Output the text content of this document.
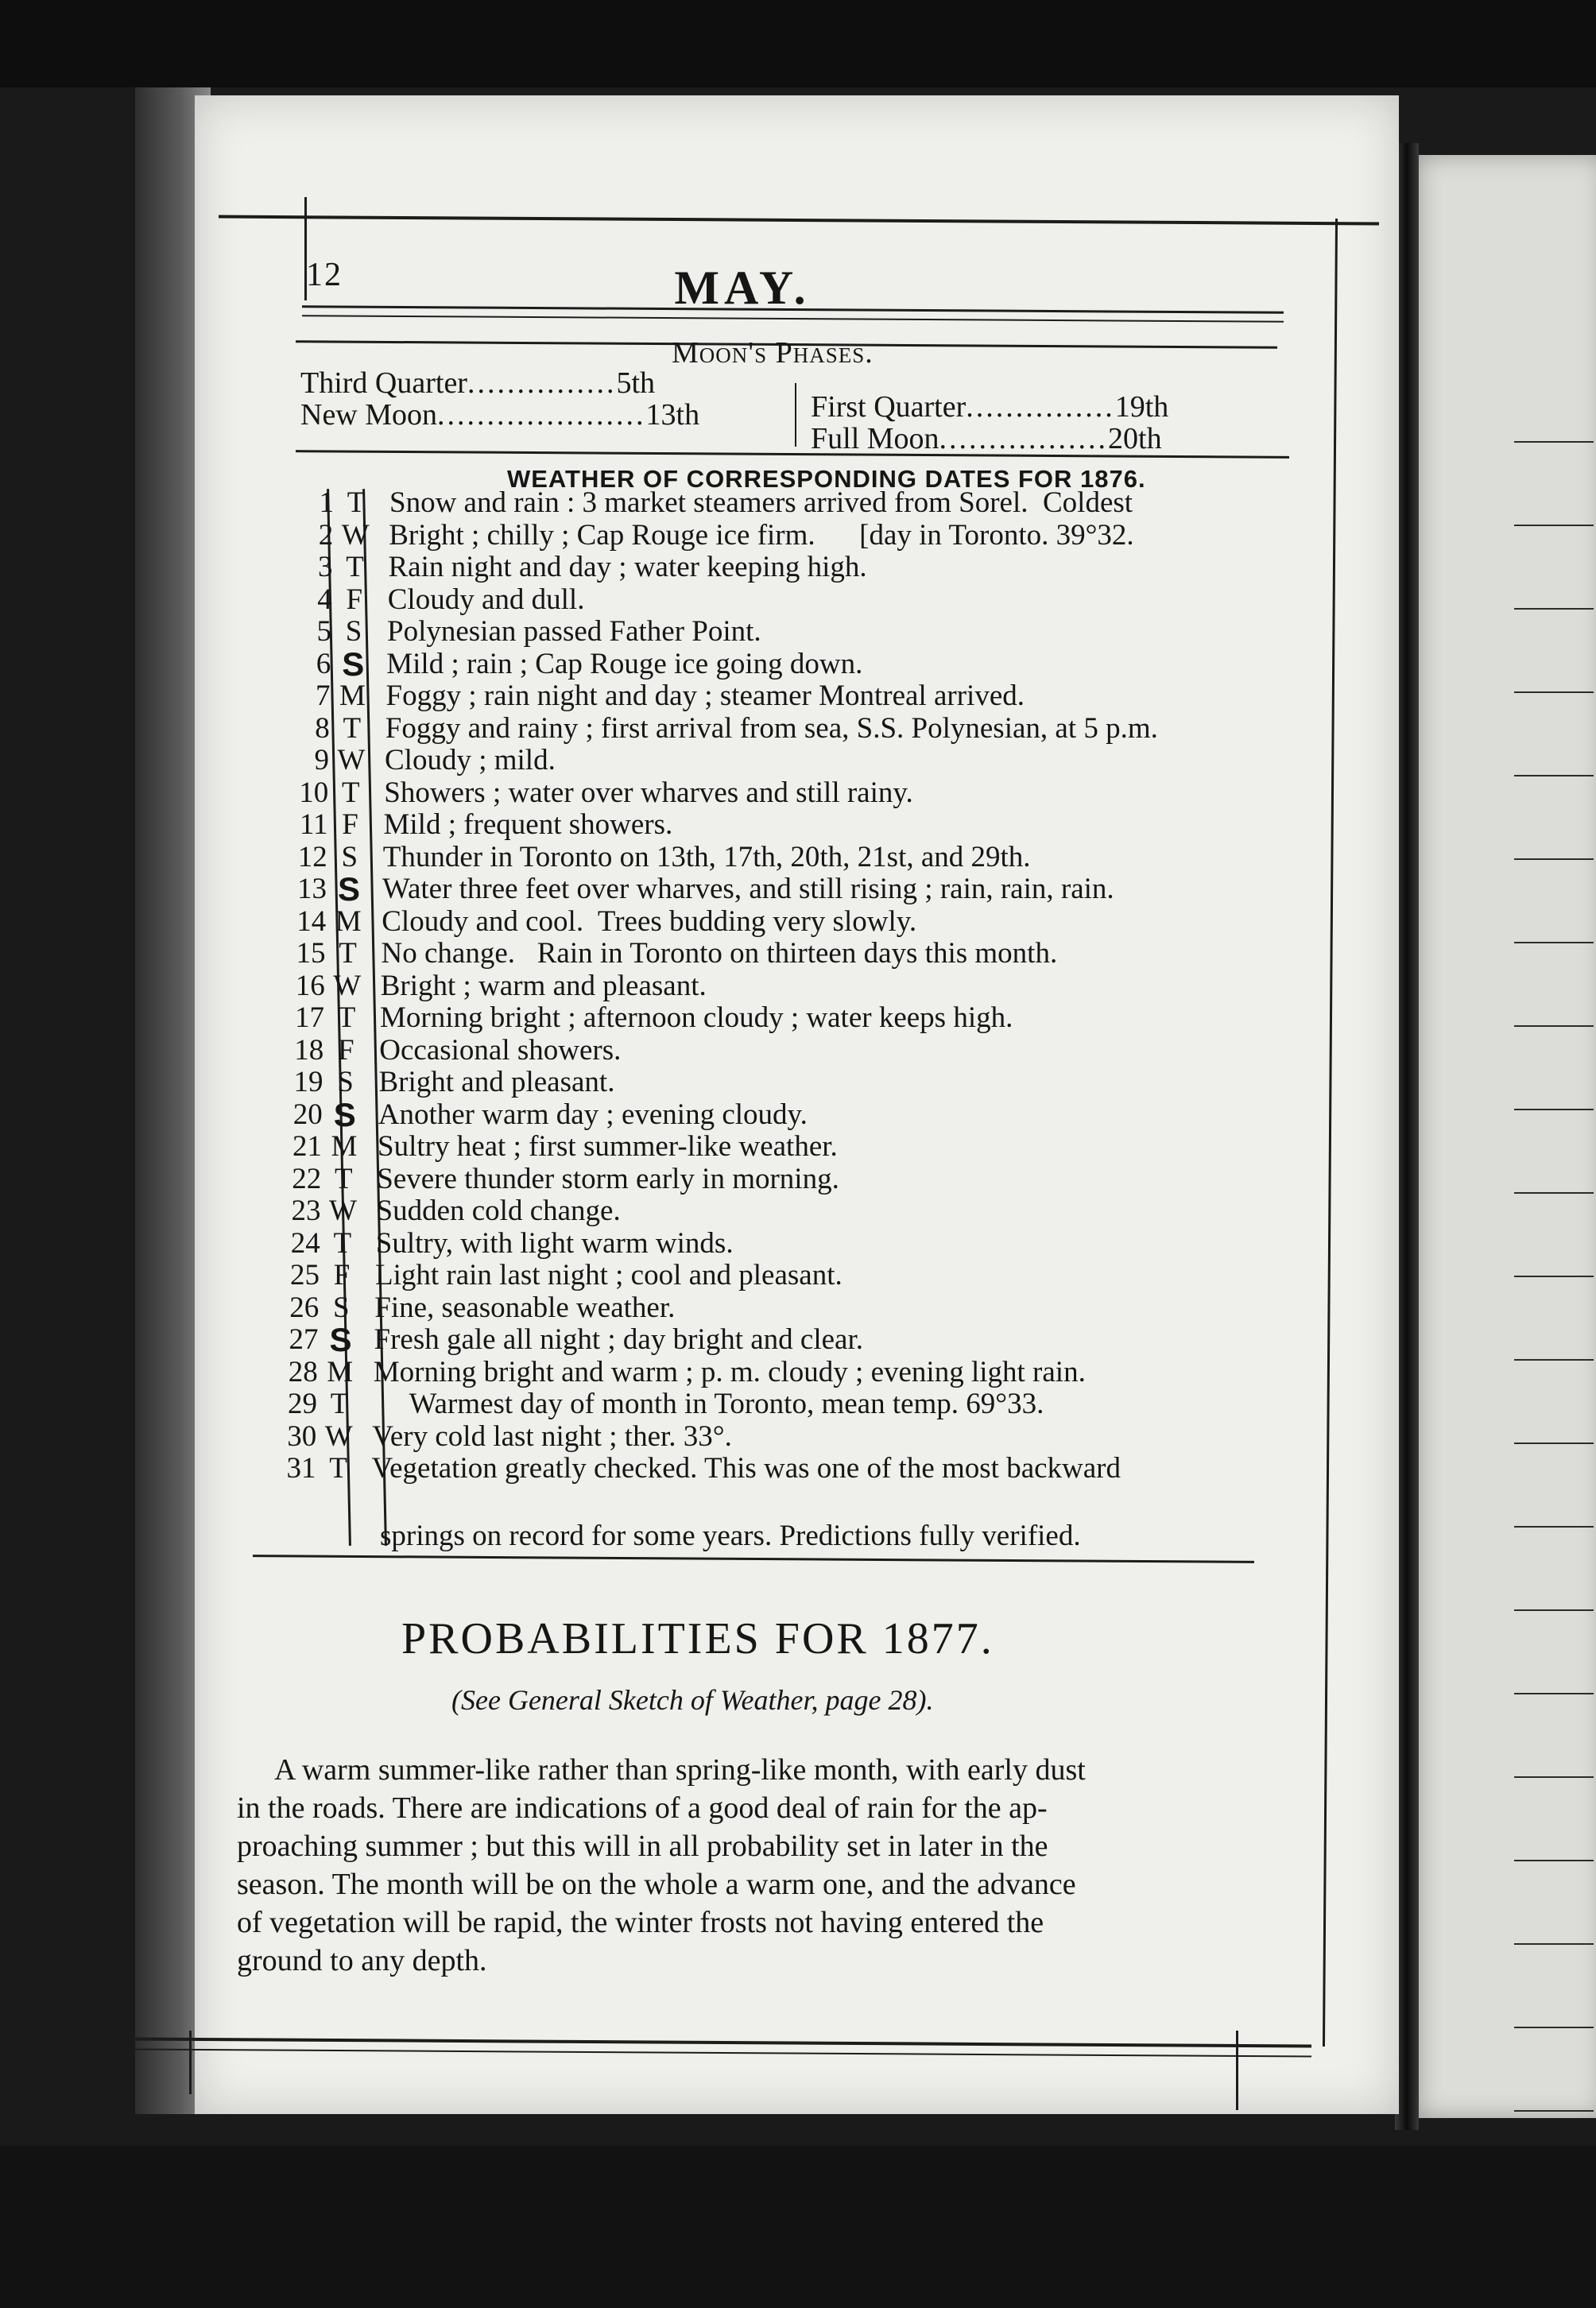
12	MAY.
Moon's Phases.
Third Quarter...............5th
New Moon.....................13th	First Quarter...............19th
Full Moon.................20th
WEATHER OF CORRESPONDING DATES FOR 1876.
1 T Snow and rain : 3 market steamers arrived from Sorel.  Coldest
2 W Bright ; chilly ; Cap Rouge ice firm.      [day in Toronto. 39°32.
3 T Rain night and day ; water keeping high.
4 F Cloudy and dull.
5 S Polynesian passed Father Point.
6 S Mild ; rain ; Cap Rouge ice going down.
7 M Foggy ; rain night and day ; steamer Montreal arrived.
8 T Foggy and rainy ; first arrival from sea, S.S. Polynesian, at 5 p.m.
9 W Cloudy ; mild.
10 T Showers ; water over wharves and still rainy.
11 F Mild ; frequent showers.
12 S Thunder in Toronto on 13th, 17th, 20th, 21st, and 29th.
13 S Water three feet over wharves, and still rising ; rain, rain, rain.
14 M Cloudy and cool.  Trees budding very slowly.
15 T No change.   Rain in Toronto on thirteen days this month.
16 W Bright ; warm and pleasant.
17 T Morning bright ; afternoon cloudy ; water keeps high.
18 F Occasional showers.
19 S Bright and pleasant.
20 S Another warm day ; evening cloudy.
21 M Sultry heat ; first summer-like weather.
22 T Severe thunder storm early in morning.
23 W Sudden cold change.
24 T Sultry, with light warm winds.
25 F Light rain last night ; cool and pleasant.
26 S Fine, seasonable weather.
27 S Fresh gale all night ; day bright and clear.
28 M Morning bright and warm ; p. m. cloudy ; evening light rain.
29 T Warmest day of month in Toronto, mean temp. 69°33.
30 W Very cold last night ; ther. 33°.
31 T Vegetation greatly checked. This was one of the most backward
springs on record for some years. Predictions fully verified.
PROBABILITIES FOR 1877.
(See General Sketch of Weather, page 28).
A warm summer-like rather than spring-like month, with early dust
in the roads. There are indications of a good deal of rain for the ap-
proaching summer ; but this will in all probability set in later in the
season. The month will be on the whole a warm one, and the advance
of vegetation will be rapid, the winter frosts not having entered the
ground to any depth.
